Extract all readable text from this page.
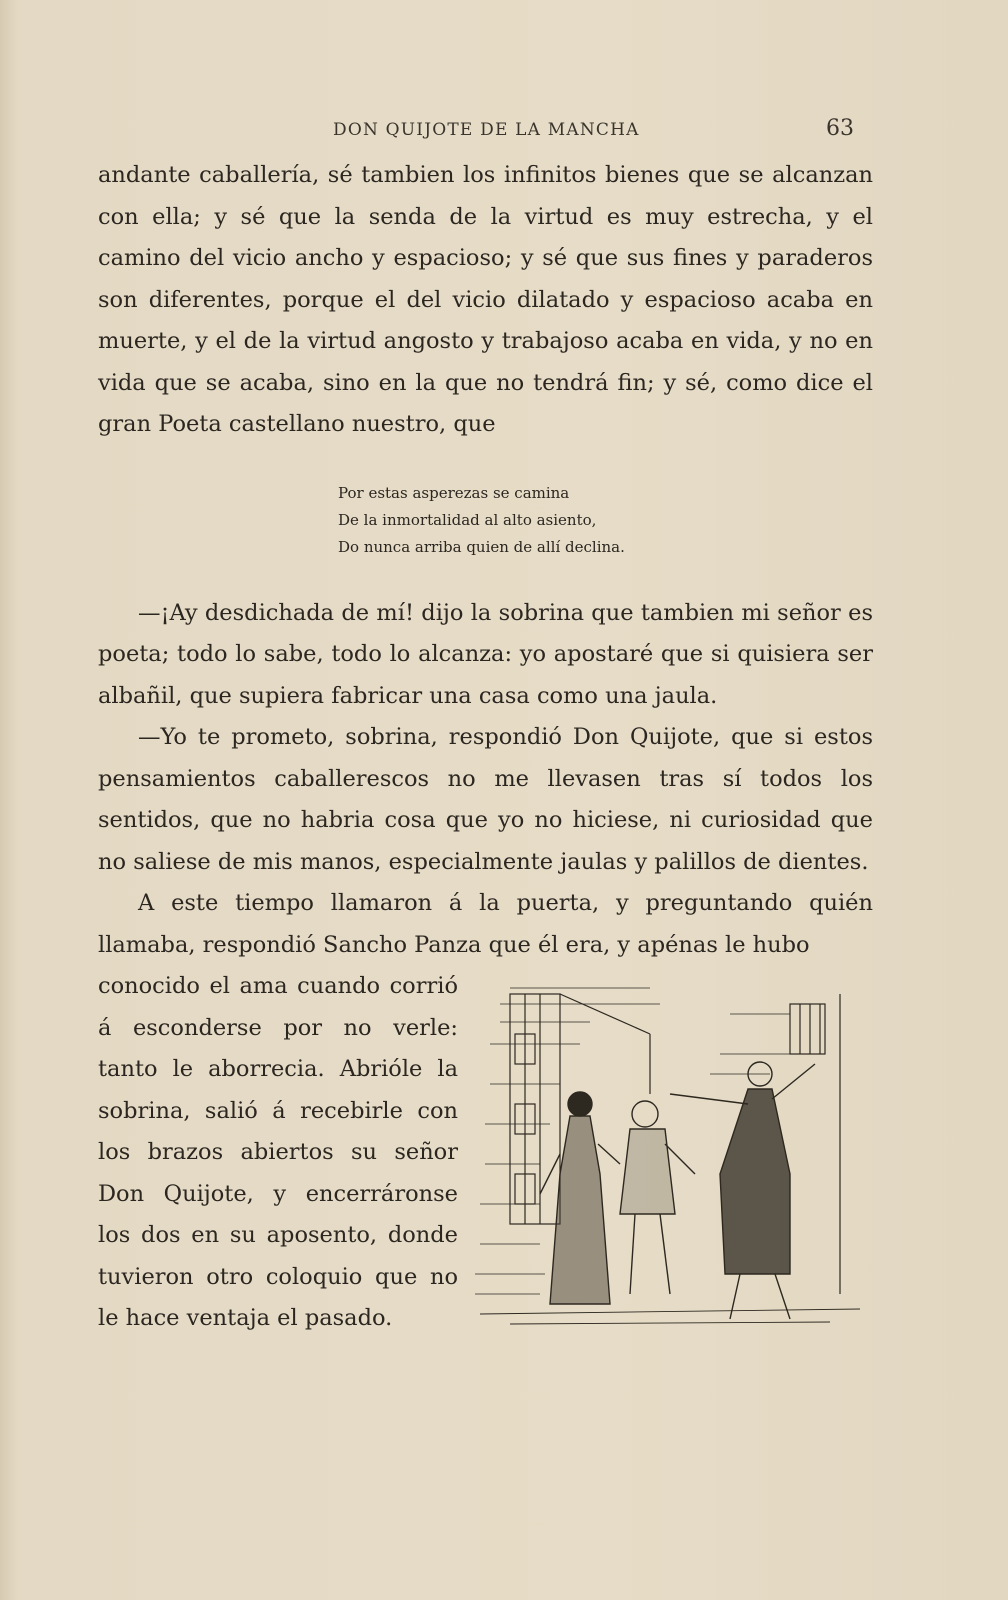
DON QUIJOTE DE LA MANCHA	63

andante caballería, sé tambien los infinitos bienes que se alcanzan con ella; y sé que la senda de la virtud es muy estrecha, y el camino del vicio ancho y espacioso; y sé que sus fines y paraderos son diferentes, porque el del vicio dilatado y espacioso acaba en muerte, y el de la virtud angosto y trabajoso acaba en vida, y no en vida que se acaba, sino en la que no tendrá fin; y sé, como dice el gran Poeta castellano nuestro, que

Por estas asperezas se camina
De la inmortalidad al alto asiento,
Do nunca arriba quien de allí declina.

—¡Ay desdichada de mí! dijo la sobrina que tambien mi señor es poeta; todo lo sabe, todo lo alcanza: yo apostaré que si quisiera ser albañil, que supiera fabricar una casa como una jaula.

—Yo te prometo, sobrina, respondió Don Quijote, que si estos pensamientos caballerescos no me llevasen tras sí todos los sentidos, que no habria cosa que yo no hiciese, ni curiosidad que no saliese de mis manos, especialmente jaulas y palillos de dientes.

A este tiempo llamaron á la puerta, y preguntando quién llamaba, respondió Sancho Panza que él era, y apénas le hubo

conocido el ama cuando corrió á esconderse por no verle: tanto le aborrecia. Abrióle la sobrina, salió á recebirle con los brazos abiertos su señor Don Quijote, y encerráronse los dos en su aposento, donde tuvieron otro coloquio que no le hace ventaja el pasado.
